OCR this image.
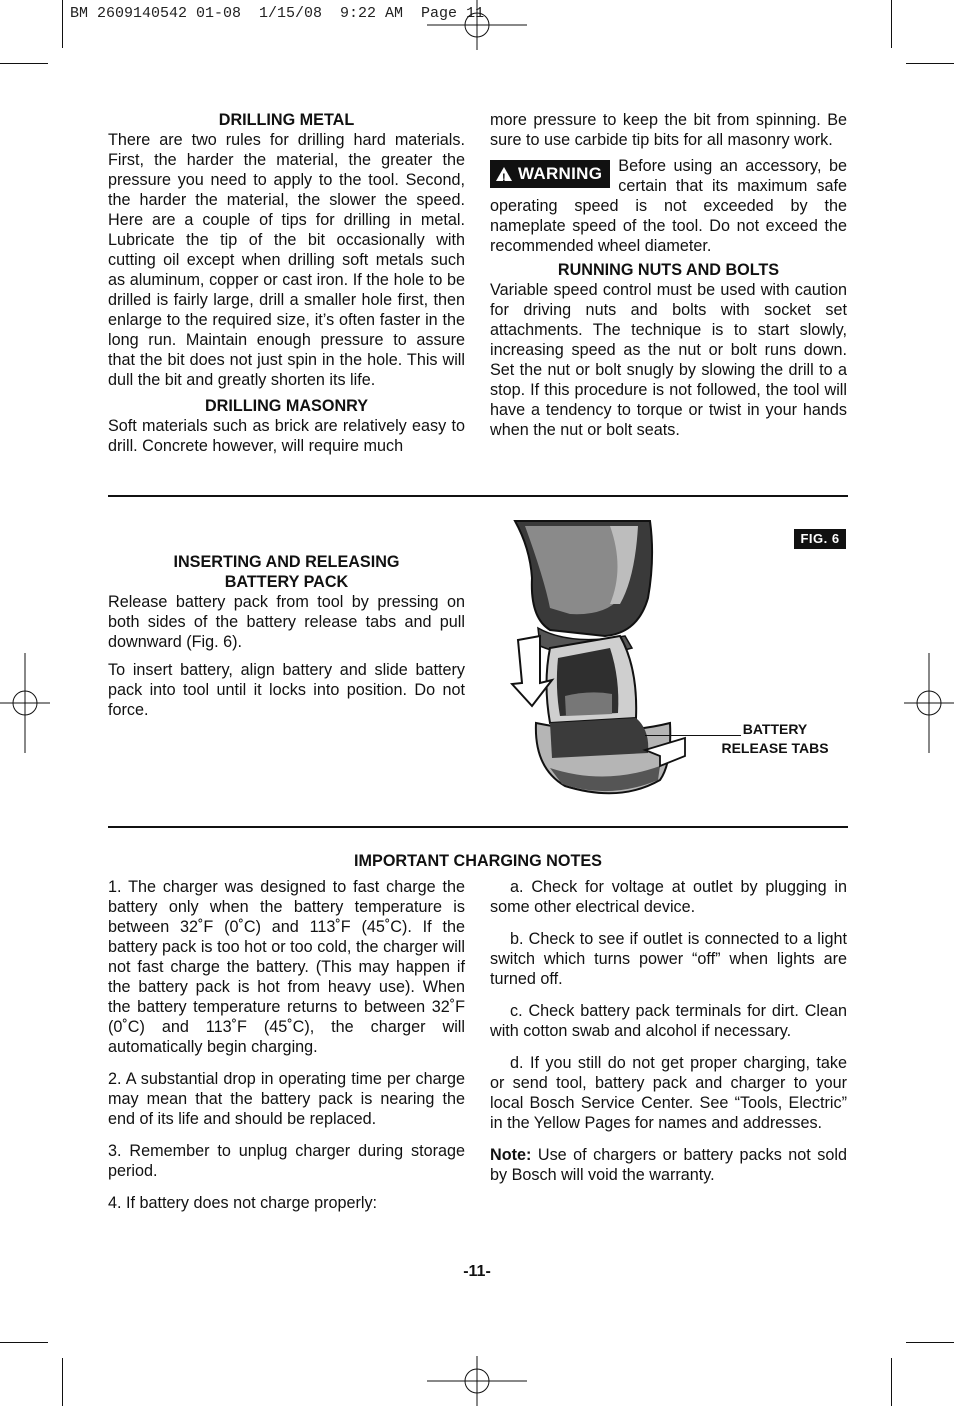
BM 2609140542 01-08  1/15/08  9:22 AM  Page 11

DRILLING METAL

There are two rules for drilling hard materials. First, the harder the material, the greater the pressure you need to apply to the tool. Second, the harder the material, the slower the speed. Here are a couple of tips for drilling in metal. Lubricate the tip of the bit occasionally with cutting oil except when drilling soft metals such as aluminum, copper or cast iron. If the hole to be drilled is fairly large, drill a smaller hole first, then enlarge to the required size, it’s often faster in the long run. Maintain enough pressure to assure that the bit does not just spin in the hole. This will dull the bit and greatly shorten its life.

DRILLING MASONRY

Soft materials such as brick are relatively easy to drill. Concrete however, will require much

more pressure to keep the bit from spinning. Be sure to use carbide tip bits for all masonry work.

!
WARNING Before using an accessory, be certain that its maximum safe operating speed is not exceeded by the nameplate speed of the tool. Do not exceed the recommended wheel diameter.

RUNNING NUTS AND BOLTS

Variable speed control must be used with caution for driving nuts and bolts with socket set attachments. The technique is to start slowly, increasing speed as the nut or bolt runs down. Set the nut or bolt snugly by slowing the drill to a stop. If this procedure is not followed, the tool will have a tendency to torque or twist in your hands when the nut or bolt seats.

INSERTING AND RELEASING

BATTERY PACK

Release battery pack from tool by pressing on both sides of the battery release tabs and pull downward (Fig. 6).

To insert battery, align battery and slide battery pack into tool until it locks into position. Do not force.

FIG. 6
BATTERY
RELEASE TABS
IMPORTANT CHARGING NOTES

1. The charger was designed to fast charge the battery only when the battery temperature is between 32˚F (0˚C) and 113˚F (45˚C). If the battery pack is too hot or too cold, the charger will not fast charge the battery. (This may happen if the battery pack is hot from heavy use). When the battery temperature returns to between 32˚F (0˚C) and 113˚F (45˚C), the charger will automatically begin charging.

2. A substantial drop in operating time per charge may mean that the battery pack is nearing the end of its life and should be replaced.

3. Remember to unplug charger during storage period.

4. If battery does not charge properly:

a. Check for voltage at outlet by plugging in some other electrical device.

b. Check to see if outlet is connected to a light switch which turns power “off” when lights are turned off.

c. Check battery pack terminals for dirt. Clean with cotton swab and alcohol if necessary.

d. If you still do not get proper charging, take or send tool, battery pack and charger to your local Bosch Service Center. See “Tools, Electric” in the Yellow Pages for names and addresses.

Note: Use of chargers or battery packs not sold by Bosch will void the warranty.

-11-
